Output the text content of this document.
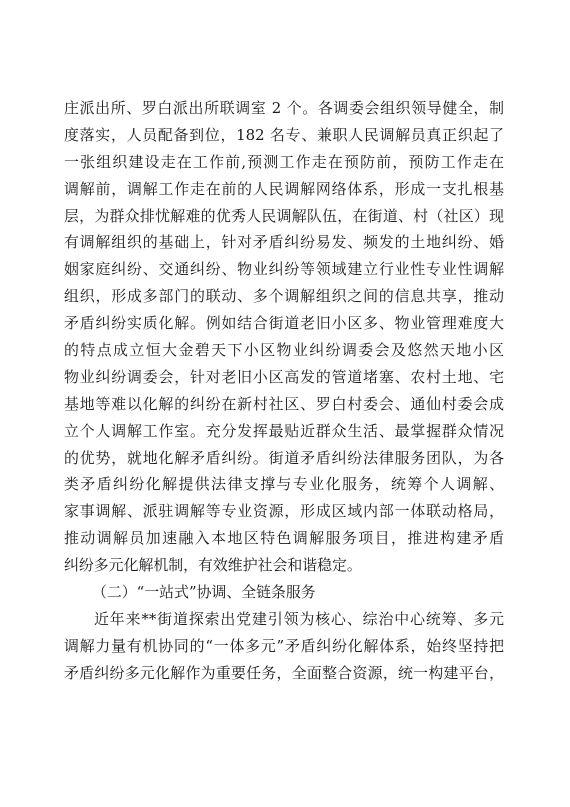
庄派出所、罗白派出所联调室 2 个。各调委会组织领导健全，制
度落实，人员配备到位，182 名专、兼职人民调解员真正织起了
一张组织建设走在工作前,预测工作走在预防前，预防工作走在
调解前，调解工作走在前的人民调解网络体系，形成一支扎根基
层，为群众排忧解难的优秀人民调解队伍，在街道、村（社区）现
有调解组织的基础上，针对矛盾纠纷易发、频发的土地纠纷、婚
姻家庭纠纷、交通纠纷、物业纠纷等领域建立行业性专业性调解
组织，形成多部门的联动、多个调解组织之间的信息共享，推动
矛盾纠纷实质化解。例如结合街道老旧小区多、物业管理难度大
的特点成立恒大金碧天下小区物业纠纷调委会及悠然天地小区
物业纠纷调委会，针对老旧小区高发的管道堵塞、农村土地、宅
基地等难以化解的纠纷在新村社区、罗白村委会、通仙村委会成
立个人调解工作室。充分发挥最贴近群众生活、最掌握群众情况
的优势，就地化解矛盾纠纷。街道矛盾纠纷法律服务团队，为各
类矛盾纠纷化解提供法律支撑与专业化服务，统筹个人调解、
家事调解、派驻调解等专业资源，形成区域内部一体联动格局，
推动调解员加速融入本地区特色调解服务项目，推进构建矛盾
纠纷多元化解机制，有效维护社会和谐稳定。
（二）“一站式”协调、全链条服务
近年来**街道探索出党建引领为核心、综治中心统筹、多元
调解力量有机协同的“一体多元”矛盾纠纷化解体系，始终坚持把
矛盾纠纷多元化解作为重要任务，全面整合资源，统一构建平台，
